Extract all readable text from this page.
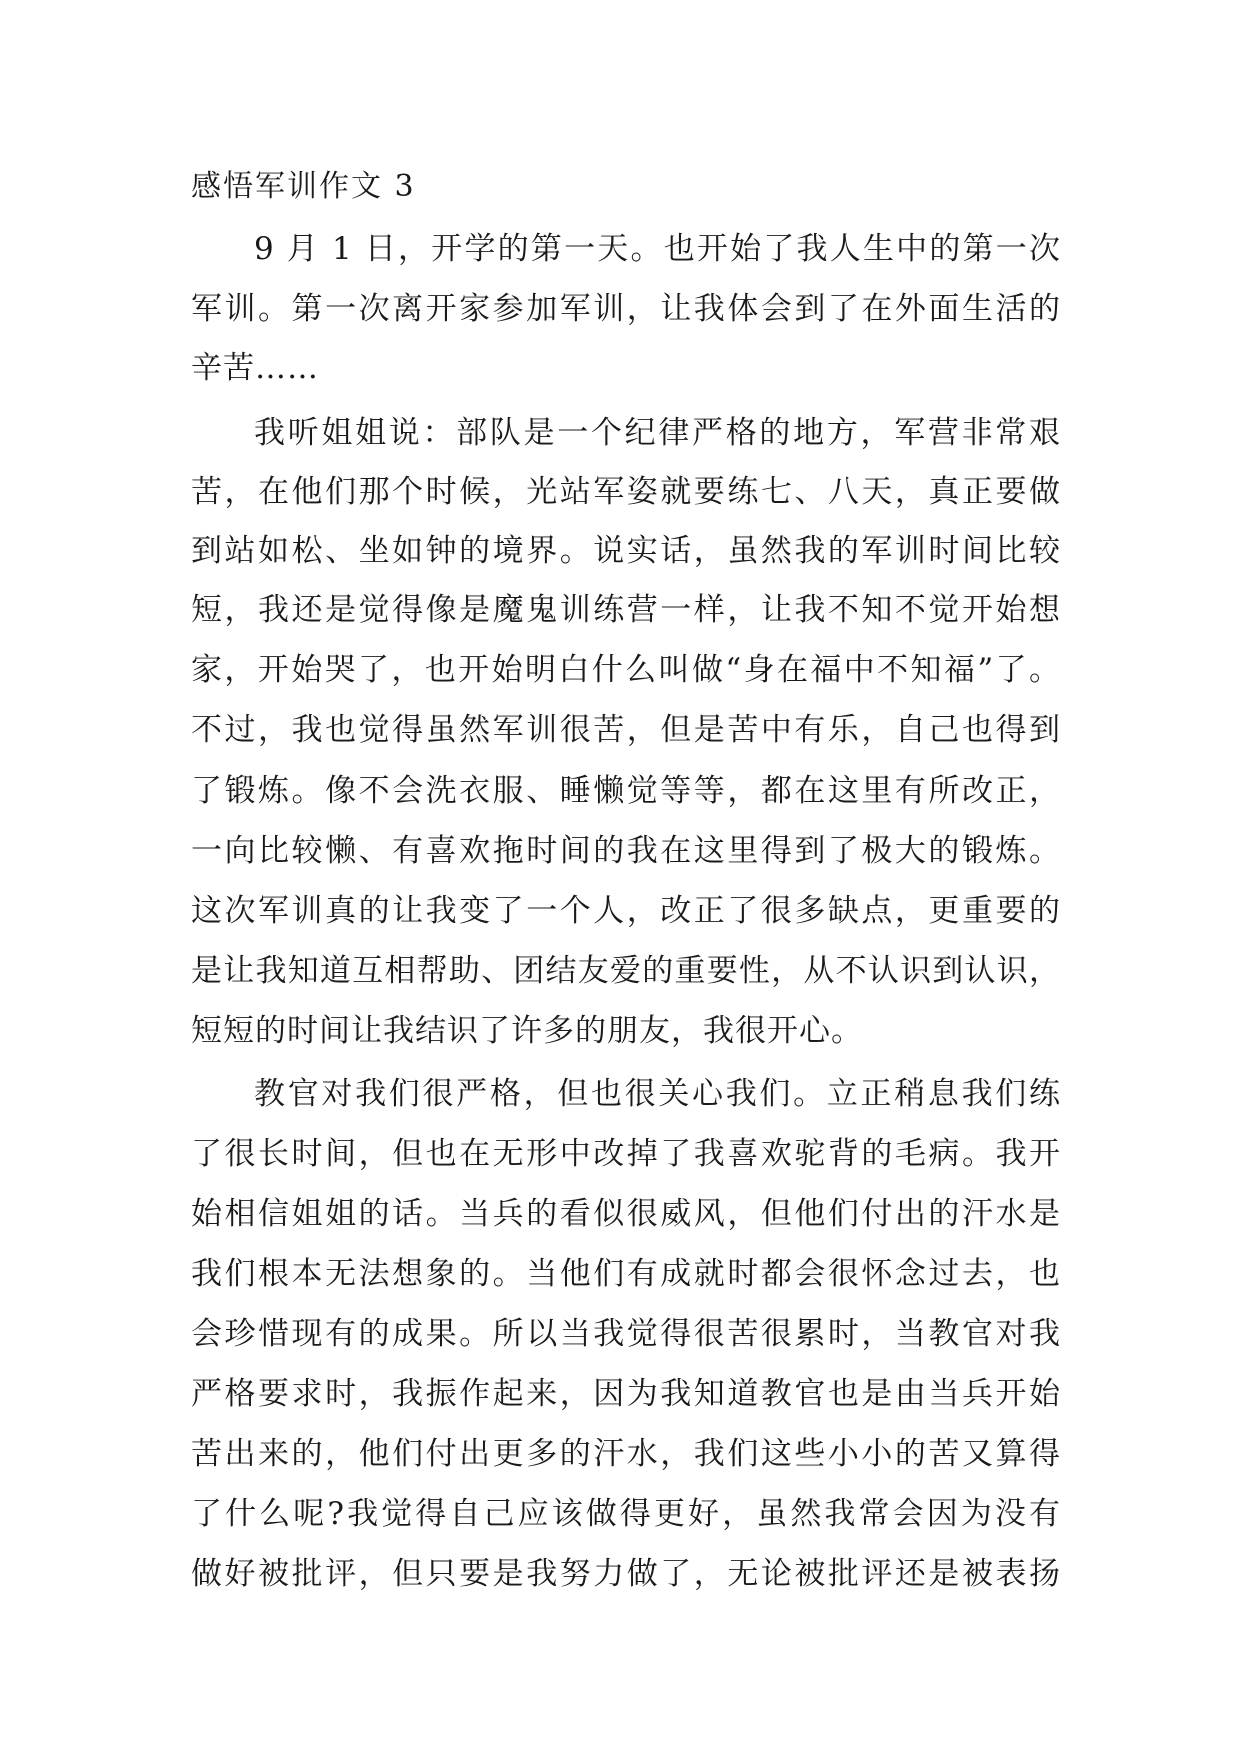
感悟军训作文 3
9 月 1 日，开学的第一天。也开始了我人生中的第一次
军训。第一次离开家参加军训，让我体会到了在外面生活的
辛苦……
我听姐姐说：部队是一个纪律严格的地方，军营非常艰
苦，在他们那个时候，光站军姿就要练七、八天，真正要做
到站如松、坐如钟的境界。说实话，虽然我的军训时间比较
短，我还是觉得像是魔鬼训练营一样，让我不知不觉开始想
家，开始哭了，也开始明白什么叫做“身在福中不知福”了。
不过，我也觉得虽然军训很苦，但是苦中有乐，自己也得到
了锻炼。像不会洗衣服、睡懒觉等等，都在这里有所改正，
一向比较懒、有喜欢拖时间的我在这里得到了极大的锻炼。
这次军训真的让我变了一个人，改正了很多缺点，更重要的
是让我知道互相帮助、团结友爱的重要性，从不认识到认识，
短短的时间让我结识了许多的朋友，我很开心。
教官对我们很严格，但也很关心我们。立正稍息我们练
了很长时间，但也在无形中改掉了我喜欢驼背的毛病。我开
始相信姐姐的话。当兵的看似很威风，但他们付出的汗水是
我们根本无法想象的。当他们有成就时都会很怀念过去，也
会珍惜现有的成果。所以当我觉得很苦很累时，当教官对我
严格要求时，我振作起来，因为我知道教官也是由当兵开始
苦出来的，他们付出更多的汗水，我们这些小小的苦又算得
了什么呢?我觉得自己应该做得更好，虽然我常会因为没有
做好被批评，但只要是我努力做了，无论被批评还是被表扬
